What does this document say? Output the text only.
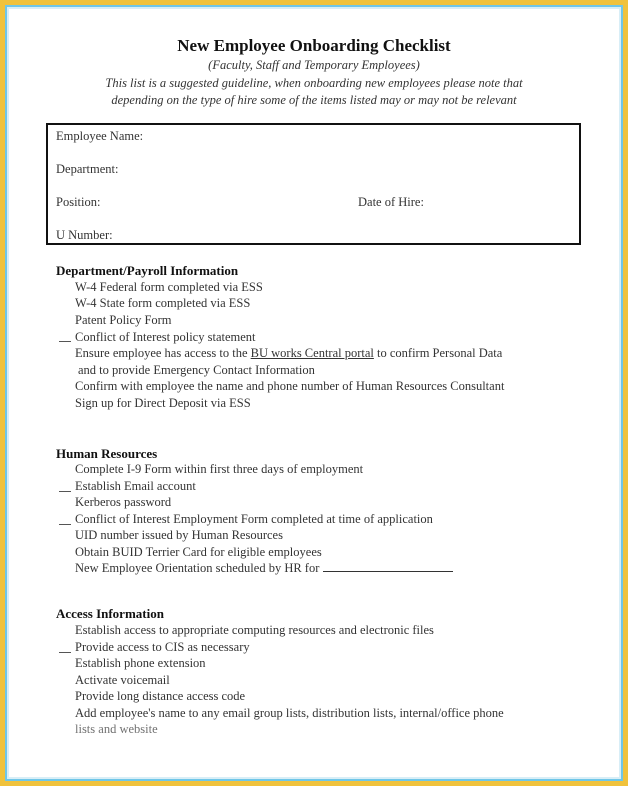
New Employee Onboarding Checklist
(Faculty, Staff and Temporary Employees)
This list is a suggested guideline, when onboarding new employees please note that
depending on the type of hire some of the items listed may or may not be relevant
Employee Name:
Department:
Position:	Date of Hire:
U Number:
Department/Payroll Information
W-4 Federal form completed via ESS
W-4 State form completed via ESS
Patent Policy Form
Conflict of Interest policy statement
Ensure employee has access to the BU works Central portal to confirm Personal Data
and to provide Emergency Contact Information
Confirm with employee the name and phone number of Human Resources Consultant
Sign up for Direct Deposit via ESS
Human Resources
Complete I-9 Form within first three days of employment
Establish Email account
Kerberos password
Conflict of Interest Employment Form completed at time of application
UID number issued by Human Resources
Obtain BUID Terrier Card for eligible employees
New Employee Orientation scheduled by HR for
Access Information
Establish access to appropriate computing resources and electronic files
Provide access to CIS as necessary
Establish phone extension
Activate voicemail
Provide long distance access code
Add employee's name to any email group lists, distribution lists, internal/office phone
lists and website
